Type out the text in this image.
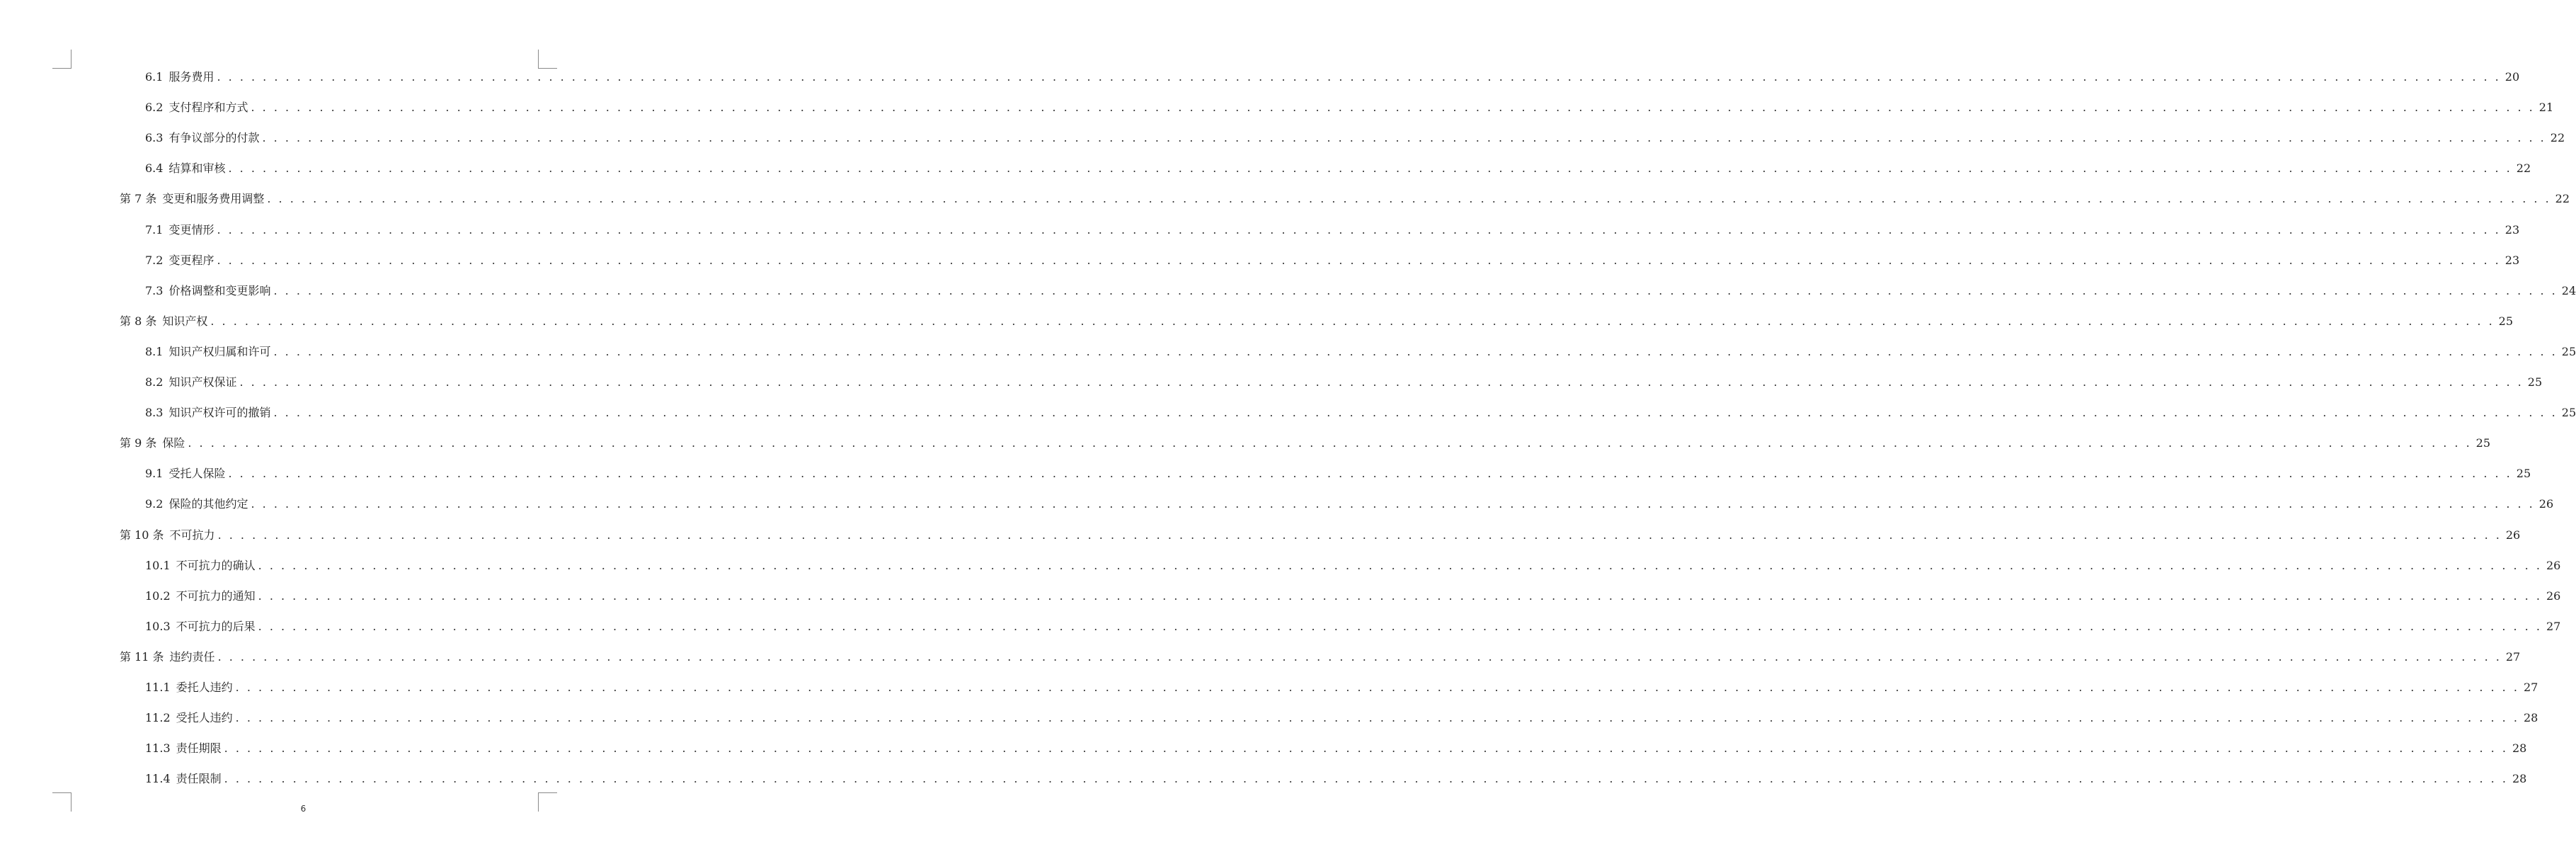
6.1 服务费用 . . . . . . . . . . . . . . . . . . . . . . . . . . . . . . . . . . . . . . . . . . . . . . . . . . . . . . . . . . . . . . . . . . . . . . . . . . . . . . . . . . . . . . . . . . . . . . . . . . . . . . . . . . . . . . . . . . . . . . . . . . . . . . . . . . . . . . . . . . . . . . . . . . . . . . . . . . . . . . . . . . . . . . . . . . . . . . . . . . . . . . . . . . . . . . . . . . . . . . . . 20
6.2 支付程序和方式 . . . . . . . . . . . . . . . . . . . . . . . . . . . . . . . . . . . . . . . . . . . . . . . . . . . . . . . . . . . . . . . . . . . . . . . . . . . . . . . . . . . . . . . . . . . . . . . . . . . . . . . . . . . . . . . . . . . . . . . . . . . . . . . . . . . . . . . . . . . . . . . . . . . . . . . . . . . . . . . . . . . . . . . . . . . . . . . . . . . . . . . . . . . . . . . . . . . . . . . . 21
6.3 有争议部分的付款 . . . . . . . . . . . . . . . . . . . . . . . . . . . . . . . . . . . . . . . . . . . . . . . . . . . . . . . . . . . . . . . . . . . . . . . . . . . . . . . . . . . . . . . . . . . . . . . . . . . . . . . . . . . . . . . . . . . . . . . . . . . . . . . . . . . . . . . . . . . . . . . . . . . . . . . . . . . . . . . . . . . . . . . . . . . . . . . . . . . . . . . . . . . . . . . . . . . . . . . . 22
6.4 结算和审核 . . . . . . . . . . . . . . . . . . . . . . . . . . . . . . . . . . . . . . . . . . . . . . . . . . . . . . . . . . . . . . . . . . . . . . . . . . . . . . . . . . . . . . . . . . . . . . . . . . . . . . . . . . . . . . . . . . . . . . . . . . . . . . . . . . . . . . . . . . . . . . . . . . . . . . . . . . . . . . . . . . . . . . . . . . . . . . . . . . . . . . . . . . . . . . . . . . . . . . . . 22
第 7 条 变更和服务费用调整 . . . . . . . . . . . . . . . . . . . . . . . . . . . . . . . . . . . . . . . . . . . . . . . . . . . . . . . . . . . . . . . . . . . . . . . . . . . . . . . . . . . . . . . . . . . . . . . . . . . . . . . . . . . . . . . . . . . . . . . . . . . . . . . . . . . . . . . . . . . . . . . . . . . . . . . . . . . . . . . . . . . . . . . . . . . . . . . . . . . . . . . . . . . . . . . . . . . . . . . . 22
7.1 变更情形 . . . . . . . . . . . . . . . . . . . . . . . . . . . . . . . . . . . . . . . . . . . . . . . . . . . . . . . . . . . . . . . . . . . . . . . . . . . . . . . . . . . . . . . . . . . . . . . . . . . . . . . . . . . . . . . . . . . . . . . . . . . . . . . . . . . . . . . . . . . . . . . . . . . . . . . . . . . . . . . . . . . . . . . . . . . . . . . . . . . . . . . . . . . . . . . . . . . . . . . . 23
7.2 变更程序 . . . . . . . . . . . . . . . . . . . . . . . . . . . . . . . . . . . . . . . . . . . . . . . . . . . . . . . . . . . . . . . . . . . . . . . . . . . . . . . . . . . . . . . . . . . . . . . . . . . . . . . . . . . . . . . . . . . . . . . . . . . . . . . . . . . . . . . . . . . . . . . . . . . . . . . . . . . . . . . . . . . . . . . . . . . . . . . . . . . . . . . . . . . . . . . . . . . . . . . . 23
7.3 价格调整和变更影响 . . . . . . . . . . . . . . . . . . . . . . . . . . . . . . . . . . . . . . . . . . . . . . . . . . . . . . . . . . . . . . . . . . . . . . . . . . . . . . . . . . . . . . . . . . . . . . . . . . . . . . . . . . . . . . . . . . . . . . . . . . . . . . . . . . . . . . . . . . . . . . . . . . . . . . . . . . . . . . . . . . . . . . . . . . . . . . . . . . . . . . . . . . . . . . . . . . . . . . . . 24
第 8 条 知识产权 . . . . . . . . . . . . . . . . . . . . . . . . . . . . . . . . . . . . . . . . . . . . . . . . . . . . . . . . . . . . . . . . . . . . . . . . . . . . . . . . . . . . . . . . . . . . . . . . . . . . . . . . . . . . . . . . . . . . . . . . . . . . . . . . . . . . . . . . . . . . . . . . . . . . . . . . . . . . . . . . . . . . . . . . . . . . . . . . . . . . . . . . . . . . . . . . . . . . . . . . 25
8.1 知识产权归属和许可 . . . . . . . . . . . . . . . . . . . . . . . . . . . . . . . . . . . . . . . . . . . . . . . . . . . . . . . . . . . . . . . . . . . . . . . . . . . . . . . . . . . . . . . . . . . . . . . . . . . . . . . . . . . . . . . . . . . . . . . . . . . . . . . . . . . . . . . . . . . . . . . . . . . . . . . . . . . . . . . . . . . . . . . . . . . . . . . . . . . . . . . . . . . . . . . . . . . . . . . . 25
8.2 知识产权保证 . . . . . . . . . . . . . . . . . . . . . . . . . . . . . . . . . . . . . . . . . . . . . . . . . . . . . . . . . . . . . . . . . . . . . . . . . . . . . . . . . . . . . . . . . . . . . . . . . . . . . . . . . . . . . . . . . . . . . . . . . . . . . . . . . . . . . . . . . . . . . . . . . . . . . . . . . . . . . . . . . . . . . . . . . . . . . . . . . . . . . . . . . . . . . . . . . . . . . . . . 25
8.3 知识产权许可的撤销 . . . . . . . . . . . . . . . . . . . . . . . . . . . . . . . . . . . . . . . . . . . . . . . . . . . . . . . . . . . . . . . . . . . . . . . . . . . . . . . . . . . . . . . . . . . . . . . . . . . . . . . . . . . . . . . . . . . . . . . . . . . . . . . . . . . . . . . . . . . . . . . . . . . . . . . . . . . . . . . . . . . . . . . . . . . . . . . . . . . . . . . . . . . . . . . . . . . . . . . . 25
第 9 条 保险 . . . . . . . . . . . . . . . . . . . . . . . . . . . . . . . . . . . . . . . . . . . . . . . . . . . . . . . . . . . . . . . . . . . . . . . . . . . . . . . . . . . . . . . . . . . . . . . . . . . . . . . . . . . . . . . . . . . . . . . . . . . . . . . . . . . . . . . . . . . . . . . . . . . . . . . . . . . . . . . . . . . . . . . . . . . . . . . . . . . . . . . . . . . . . . . . . . . . . . . . 25
9.1 受托人保险 . . . . . . . . . . . . . . . . . . . . . . . . . . . . . . . . . . . . . . . . . . . . . . . . . . . . . . . . . . . . . . . . . . . . . . . . . . . . . . . . . . . . . . . . . . . . . . . . . . . . . . . . . . . . . . . . . . . . . . . . . . . . . . . . . . . . . . . . . . . . . . . . . . . . . . . . . . . . . . . . . . . . . . . . . . . . . . . . . . . . . . . . . . . . . . . . . . . . . . . . 25
9.2 保险的其他约定 . . . . . . . . . . . . . . . . . . . . . . . . . . . . . . . . . . . . . . . . . . . . . . . . . . . . . . . . . . . . . . . . . . . . . . . . . . . . . . . . . . . . . . . . . . . . . . . . . . . . . . . . . . . . . . . . . . . . . . . . . . . . . . . . . . . . . . . . . . . . . . . . . . . . . . . . . . . . . . . . . . . . . . . . . . . . . . . . . . . . . . . . . . . . . . . . . . . . . . . . 26
第 10 条 不可抗力 . . . . . . . . . . . . . . . . . . . . . . . . . . . . . . . . . . . . . . . . . . . . . . . . . . . . . . . . . . . . . . . . . . . . . . . . . . . . . . . . . . . . . . . . . . . . . . . . . . . . . . . . . . . . . . . . . . . . . . . . . . . . . . . . . . . . . . . . . . . . . . . . . . . . . . . . . . . . . . . . . . . . . . . . . . . . . . . . . . . . . . . . . . . . . . . . . . . . . . . . 26
10.1 不可抗力的确认 . . . . . . . . . . . . . . . . . . . . . . . . . . . . . . . . . . . . . . . . . . . . . . . . . . . . . . . . . . . . . . . . . . . . . . . . . . . . . . . . . . . . . . . . . . . . . . . . . . . . . . . . . . . . . . . . . . . . . . . . . . . . . . . . . . . . . . . . . . . . . . . . . . . . . . . . . . . . . . . . . . . . . . . . . . . . . . . . . . . . . . . . . . . . . . . . . . . . . . . . 26
10.2 不可抗力的通知 . . . . . . . . . . . . . . . . . . . . . . . . . . . . . . . . . . . . . . . . . . . . . . . . . . . . . . . . . . . . . . . . . . . . . . . . . . . . . . . . . . . . . . . . . . . . . . . . . . . . . . . . . . . . . . . . . . . . . . . . . . . . . . . . . . . . . . . . . . . . . . . . . . . . . . . . . . . . . . . . . . . . . . . . . . . . . . . . . . . . . . . . . . . . . . . . . . . . . . . . 26
10.3 不可抗力的后果 . . . . . . . . . . . . . . . . . . . . . . . . . . . . . . . . . . . . . . . . . . . . . . . . . . . . . . . . . . . . . . . . . . . . . . . . . . . . . . . . . . . . . . . . . . . . . . . . . . . . . . . . . . . . . . . . . . . . . . . . . . . . . . . . . . . . . . . . . . . . . . . . . . . . . . . . . . . . . . . . . . . . . . . . . . . . . . . . . . . . . . . . . . . . . . . . . . . . . . . . 27
第 11 条 违约责任 . . . . . . . . . . . . . . . . . . . . . . . . . . . . . . . . . . . . . . . . . . . . . . . . . . . . . . . . . . . . . . . . . . . . . . . . . . . . . . . . . . . . . . . . . . . . . . . . . . . . . . . . . . . . . . . . . . . . . . . . . . . . . . . . . . . . . . . . . . . . . . . . . . . . . . . . . . . . . . . . . . . . . . . . . . . . . . . . . . . . . . . . . . . . . . . . . . . . . . . . 27
11.1 委托人违约 . . . . . . . . . . . . . . . . . . . . . . . . . . . . . . . . . . . . . . . . . . . . . . . . . . . . . . . . . . . . . . . . . . . . . . . . . . . . . . . . . . . . . . . . . . . . . . . . . . . . . . . . . . . . . . . . . . . . . . . . . . . . . . . . . . . . . . . . . . . . . . . . . . . . . . . . . . . . . . . . . . . . . . . . . . . . . . . . . . . . . . . . . . . . . . . . . . . . . . . . 27
11.2 受托人违约 . . . . . . . . . . . . . . . . . . . . . . . . . . . . . . . . . . . . . . . . . . . . . . . . . . . . . . . . . . . . . . . . . . . . . . . . . . . . . . . . . . . . . . . . . . . . . . . . . . . . . . . . . . . . . . . . . . . . . . . . . . . . . . . . . . . . . . . . . . . . . . . . . . . . . . . . . . . . . . . . . . . . . . . . . . . . . . . . . . . . . . . . . . . . . . . . . . . . . . . . 28
11.3 责任期限 . . . . . . . . . . . . . . . . . . . . . . . . . . . . . . . . . . . . . . . . . . . . . . . . . . . . . . . . . . . . . . . . . . . . . . . . . . . . . . . . . . . . . . . . . . . . . . . . . . . . . . . . . . . . . . . . . . . . . . . . . . . . . . . . . . . . . . . . . . . . . . . . . . . . . . . . . . . . . . . . . . . . . . . . . . . . . . . . . . . . . . . . . . . . . . . . . . . . . . . . 28
11.4 责任限制 . . . . . . . . . . . . . . . . . . . . . . . . . . . . . . . . . . . . . . . . . . . . . . . . . . . . . . . . . . . . . . . . . . . . . . . . . . . . . . . . . . . . . . . . . . . . . . . . . . . . . . . . . . . . . . . . . . . . . . . . . . . . . . . . . . . . . . . . . . . . . . . . . . . . . . . . . . . . . . . . . . . . . . . . . . . . . . . . . . . . . . . . . . . . . . . . . . . . . . . . 28
6
